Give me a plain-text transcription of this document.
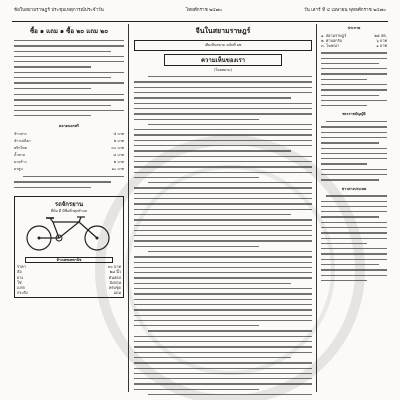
ข้อใบสยามราษฎร์ ประชุมเหตุการณ์ประจำวัน	ไทยศักราช ๒๔๗๐	วัน เสาร์ ที่ ๔ เมษายน พุทธศักราช ๒๔๗๐
ซื้อ ๑ แถม ๑ ซื้อ ๒๐ แถม ๒๐
ตลาดนครศรี
ข้าวสาร	๕ บาท
ข้าวเปลือก	๒ บาท
พริกไทย	๓๐ บาท
น้ำตาล	๘ บาท
มะพร้าว	๒ บาท
ยาสูบ	๑๐ บาท
รถจักรยาน
ยี่ห้อ ดี มีชื่อทั่วทุกตำบล
ห้างเทพเทพานิช
ราคา	๙๐ บาท
ล้อ	๒๘ นิ้ว
ยาง	ดันลอป
โซ่	อังกฤษ
เบรก	ครบชุด
กระดิ่ง	แถม
จีนในสยามราษฎร์
เสียงจีนสยาม ฉบับที่ ๑๒
ความเห็นของเรา
(โดยสยาม)
ประกาศ
๑. สยามราษฎร์	๒๕ สต.
๒. ค่าบอกรับ	๖ บาท
๓. โฆษณา	๑ บาท
พระราชบัญญัติ
ข่าวต่างประเทศ
